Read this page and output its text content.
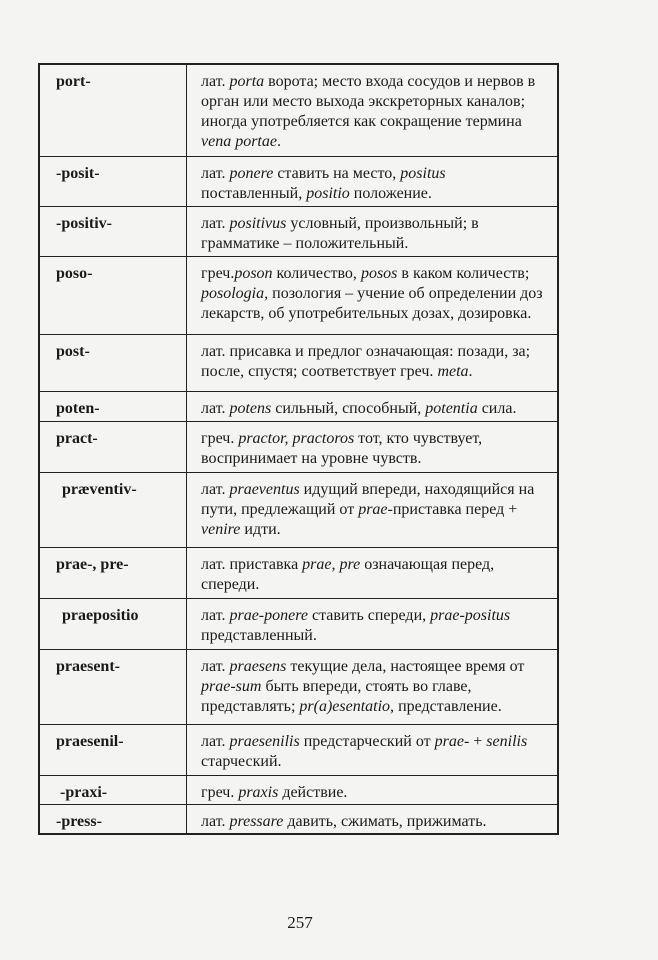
port-	лат. porta ворота; место входа сосудов и нервов в орган или место выхода экскреторных каналов; иногда употребляется как сокращение термина vena portae.
-posit-	лат. ponere ставить на место, positus поставленный, positio положение.
-positiv-	лат. positivus условный, произвольный; в грамматике – положительный.
poso-	греч.poson количество, posos в каком количеств; posologia, позология – учение об определении доз лекарств, об употребительных дозах, дозировка.
post-	лат. присавка и предлог означающая: позади, за; после, спустя; соответствует греч. meta.
poten-	лат. potens сильный, способный, potentia сила.
prаct-	греч. practor, practoros тот, кто чувствует, воспринимает на уровне чувств.
præventiv-	лат. praeventus идущий впереди, находящийся на пути, предлежащий от prae-приставка перед + venire идти.
prae-, pre-	лат. приставка prae, pre означающая перед, спереди.
praepositio	лат. prae-ponere ставить спереди, prae-positus представленный.
praesent-	лат. praesens текущие дела, настоящее время от prae-sum быть впереди, стоять во главе, представлять; pr(a)esentatio, представление.
praesenil-	лат. praesenilis предстарческий от prae- + senilis старческий.
-praxi-	греч. praxis действие.
-press-	лат. pressare давить, сжимать, прижимать.
257
